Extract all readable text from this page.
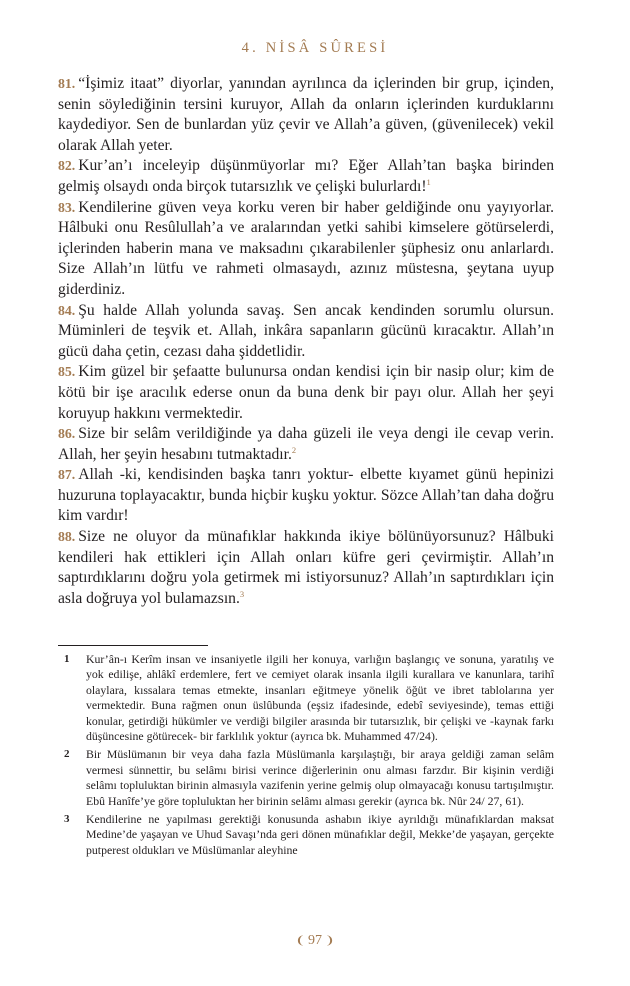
4. NİSÂ SÛRESİ

81. “İşimiz itaat” diyorlar, yanından ayrılınca da içlerinden bir grup, içinden, senin söylediğinin tersini kuruyor, Allah da onların içlerinden kurduklarını kaydediyor. Sen de bunlardan yüz çevir ve Allah’a güven, (güvenilecek) vekil olarak Allah yeter.

82. Kur’an’ı inceleyip düşünmüyorlar mı? Eğer Allah’tan başka birinden gelmiş olsaydı onda birçok tutarsızlık ve çelişki bulurlardı!$^1$

83. Kendilerine güven veya korku veren bir haber geldiğinde onu yayıyorlar. Hâlbuki onu Resûlullah’a ve aralarından yetki sahibi kimselere götürselerdi, içlerinden haberin mana ve maksadını çıkarabilenler şüphesiz onu anlarlardı. Size Allah’ın lütfu ve rahmeti olmasaydı, azınız müstesna, şeytana uyup giderdiniz.

84. Şu halde Allah yolunda savaş. Sen ancak kendinden sorumlu olursun. Müminleri de teşvik et. Allah, inkâra sapanların gücünü kıracaktır. Allah’ın gücü daha çetin, cezası daha şiddetlidir.

85. Kim güzel bir şefaatte bulunursa ondan kendisi için bir nasip olur; kim de kötü bir işe aracılık ederse onun da buna denk bir payı olur. Allah her şeyi koruyup hakkını vermektedir.

86. Size bir selâm verildiğinde ya daha güzeli ile veya dengi ile cevap verin. Allah, her şeyin hesabını tutmaktadır.$^2$

87. Allah -ki, kendisinden başka tanrı yoktur- elbette kıyamet günü hepinizi huzuruna toplayacaktır, bunda hiçbir kuşku yoktur. Sözce Allah’tan daha doğru kim vardır!

88. Size ne oluyor da münafıklar hakkında ikiye bölünüyorsunuz? Hâlbuki kendileri hak ettikleri için Allah onları küfre geri çevirmiştir. Allah’ın saptırdıklarını doğru yola getirmek mi istiyorsunuz? Allah’ın saptırdıkları için asla doğruya yol bulamazsın.$^3$

1 Kur’ân-ı Kerîm insan ve insaniyetle ilgili her konuya, varlığın başlangıç ve sonuna, yaratılış ve yok edilişe, ahlâkî erdemlere, fert ve cemiyet olarak insanla ilgili kurallara ve kanunlara, tarihî olaylara, kıssalara temas etmekte, insanları eğitmeye yönelik öğüt ve ibret tablolarına yer vermektedir. Buna rağmen onun üslûbunda (eşsiz ifadesinde, edebî seviyesinde), temas ettiği konular, getirdiği hükümler ve verdiği bilgiler arasında bir tutarsızlık, bir çelişki ve -kaynak farkı düşüncesine götürecek- bir farklılık yoktur (ayrıca bk. Muhammed 47/24).
2 Bir Müslümanın bir veya daha fazla Müslümanla karşılaştığı, bir araya geldiği zaman selâm vermesi sünnettir, bu selâmı birisi verince diğerlerinin onu alması farzdır. Bir kişinin verdiği selâmı topluluktan birinin almasıyla vazifenin yerine gelmiş olup olmayacağı konusu tartışılmıştır. Ebû Hanîfe’ye göre topluluktan her birinin selâmı alması gerekir (ayrıca bk. Nûr 24/ 27, 61).
3 Kendilerine ne yapılması gerektiği konusunda ashabın ikiye ayrıldığı münafıklardan maksat Medine’de yaşayan ve Uhud Savaşı’nda geri dönen münafıklar değil, Mekke’de yaşayan, gerçekte putperest oldukları ve Müslümanlar aleyhine
❨ 97 ❩
